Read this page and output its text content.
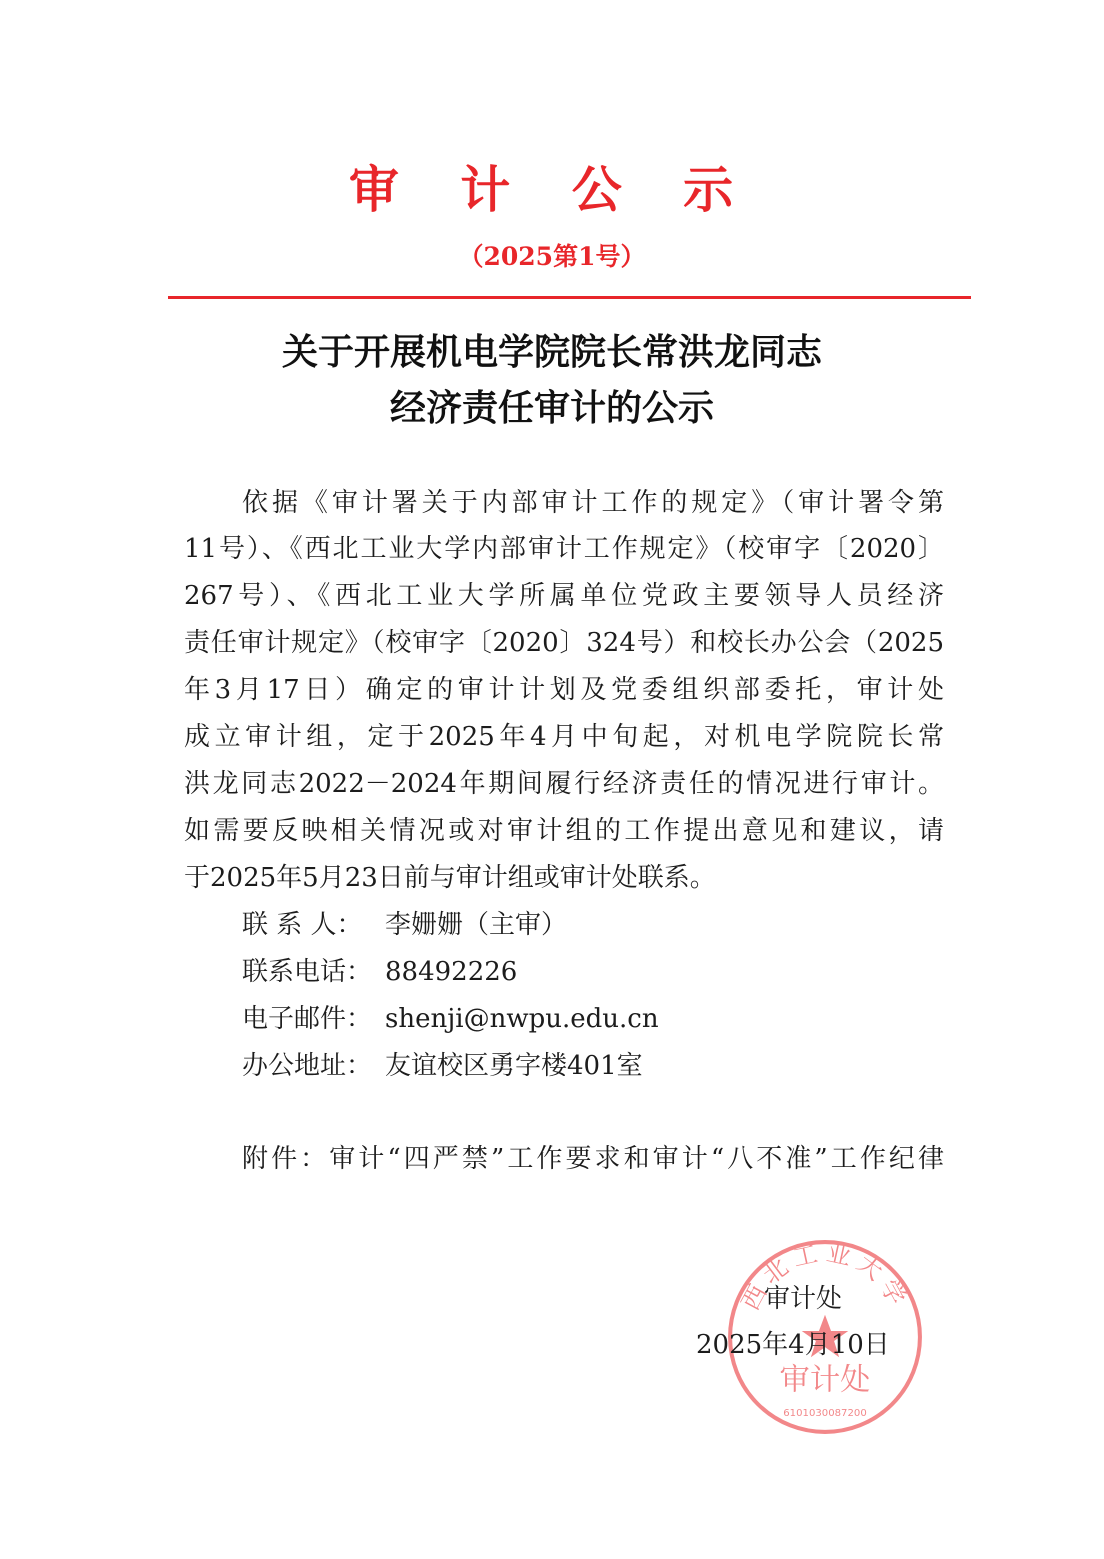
审 计 公 示
（2025第1号）
关于开展机电学院院长常洪龙同志
经济责任审计的公示
依据《审计署关于内部审计工作的规定》（审计署令第
11号）、《西北工业大学内部审计工作规定》（校审字〔2020〕
267号）、《西北工业大学所属单位党政主要领导人员经济
责任审计规定》（校审字〔2020〕324号）和校长办公会（2025
年3月17日）确定的审计计划及党委组织部委托，审计处
成立审计组，定于2025年4月中旬起，对机电学院院长常
洪龙同志2022－2024年期间履行经济责任的情况进行审计。
如需要反映相关情况或对审计组的工作提出意见和建议，请
于2025年5月23日前与审计组或审计处联系。
联 系 人： 李姗姗（主审）
联系电话： 88492226
电子邮件： shenji@nwpu.edu.cn
办公地址： 友谊校区勇字楼401室
附件：审计“四严禁”工作要求和审计“八不准”工作纪律
西北工业大学
审计处
6101030087200
审计处
2025年4月10日
